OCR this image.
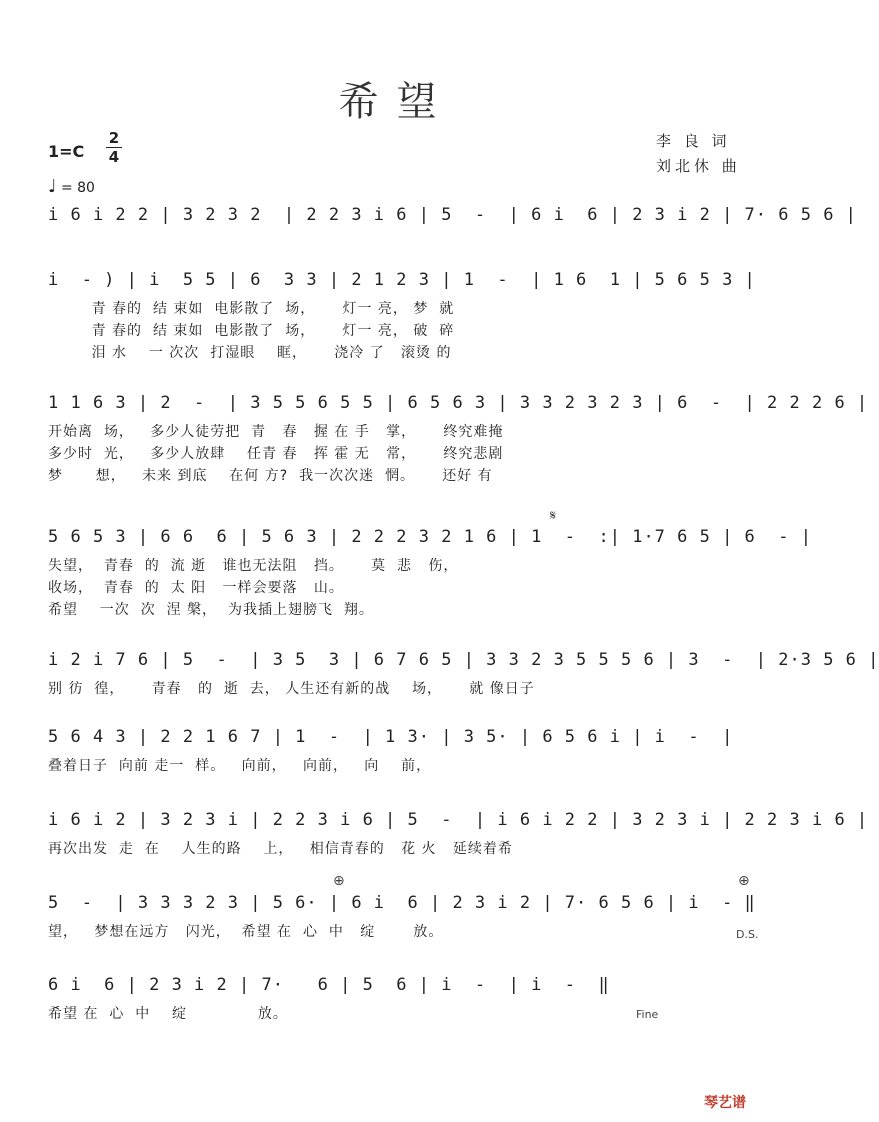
希望
1=C
2
4
♩ = 80
李 良 词
刘北休 曲
i 6 i 2 2 | 3 2 3 2  | 2 2 3 i 6 | 5  -  | 6 i  6 | 2 3 i 2 | 7· 6 5 6 |
i  - ) | i  5 5 | 6  3 3 | 2 1 2 3 | 1  -  | 1 6  1 | 5 6 5 3 |
青 春的  结 束如  电影散了  场，     灯一 亮， 梦  就
青 春的  结 束如  电影散了  场，     灯一 亮， 破  碎
泪 水    一 次次  打湿眼    眶，     浇冷 了   滚烫 的
1 1 6 3 | 2  -  | 3 5 5 6 5 5 | 6 5 6 3 | 3 3 2 3 2 3 | 6  -  | 2 2 2 6 |
开始离  场，   多少人徒劳把  青   春   握 在 手   掌，     终究难掩
多少时  光，   多少人放肆    任青 春   挥 霍 无   常，     终究悲剧
梦      想，   未来 到底    在何 方?  我一次次迷  惘。     还好 有
5 6 5 3 | 6 6  6 | 5 6 3 | 2 2 2 3 2 1 6 | 1  -  :| 1·7 6 5 | 6  - |
失望，  青春  的  流 逝   谁也无法阻   挡。     莫  悲   伤，
收场，  青春  的  太 阳   一样会要落   山。
希望    一次  次  涅 槃，  为我插上翅膀飞  翔。
i 2 i 7 6 | 5  -  | 3 5  3 | 6 7 6 5 | 3 3 2 3 5 5 5 6 | 3  -  | 2·3 5 6 |
别 彷  徨，     青春   的  逝  去， 人生还有新的战    场，     就 像日子
5 6 4 3 | 2 2 1 6 7 | 1  -  | 1 3· | 3 5· | 6 5 6 i | i  -  |
叠着日子  向前 走一  样。   向前，   向前，   向    前，
i 6 i 2 | 3 2 3 i | 2 2 3 i 6 | 5  -  | i 6 i 2 2 | 3 2 3 i | 2 2 3 i 6 |
再次出发  走  在    人生的路    上，   相信青春的   花 火   延续着希
5  -  | 3 3 3 2 3 | 5 6· | 6 i  6 | 2 3 i 2 | 7· 6 5 6 | i  - ‖
望，   梦想在远方   闪光，  希望 在  心  中   绽       放。
6 i  6 | 2 3 i 2 | 7·   6 | 5  6 | i  -  | i  -  ‖
希望 在  心  中    绽             放。
𝄋
⊕	⊕
D.S.
Fine
琴艺谱
